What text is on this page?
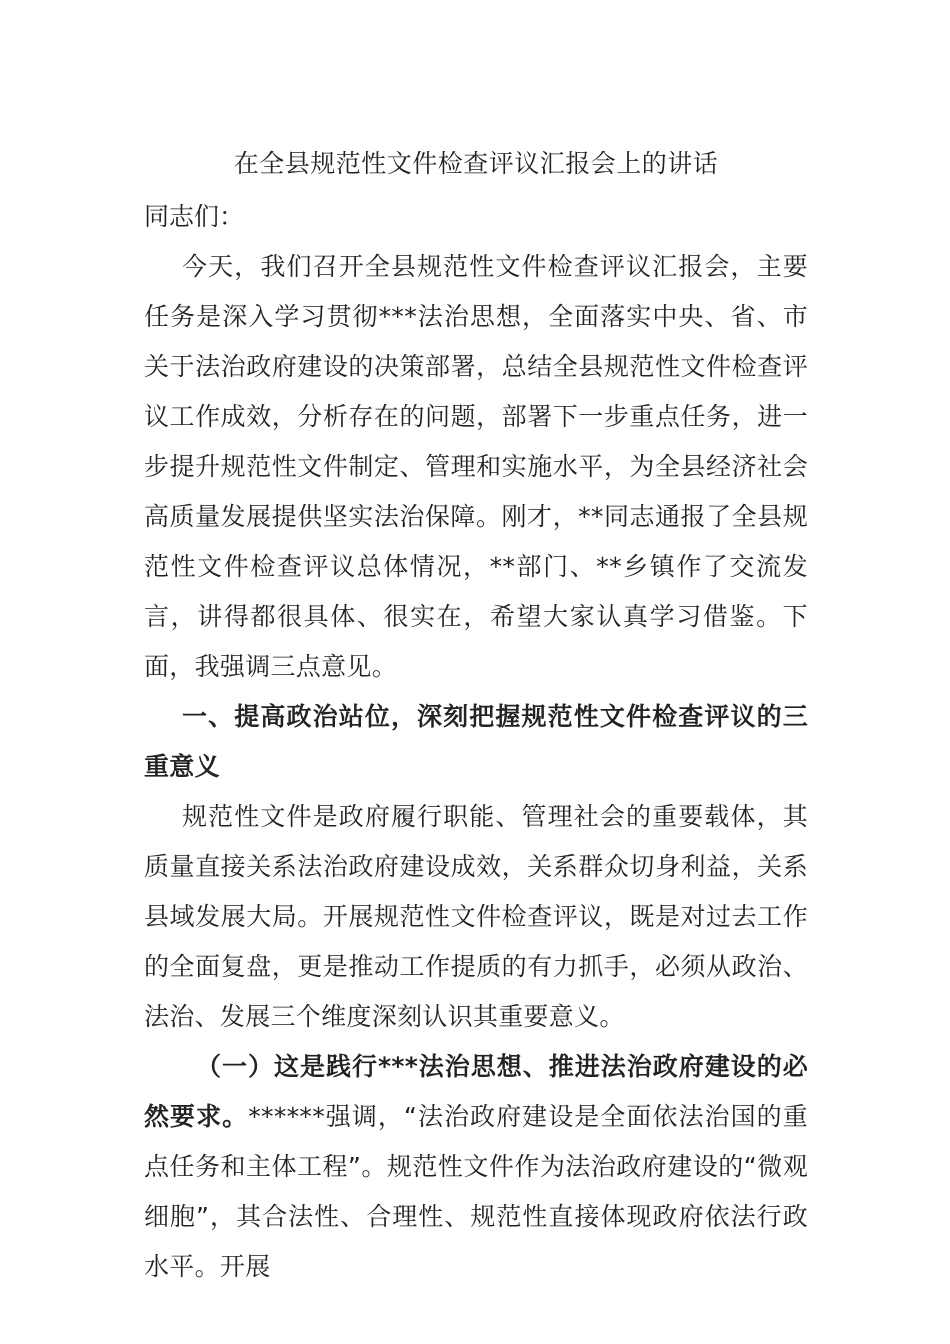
在全县规范性文件检查评议汇报会上的讲话

同志们：

今天，我们召开全县规范性文件检查评议汇报会，主要任务是深入学习贯彻***法治思想，全面落实中央、省、市关于法治政府建设的决策部署，总结全县规范性文件检查评议工作成效，分析存在的问题，部署下一步重点任务，进一步提升规范性文件制定、管理和实施水平，为全县经济社会高质量发展提供坚实法治保障。刚才，**同志通报了全县规范性文件检查评议总体情况，**部门、**乡镇作了交流发言，讲得都很具体、很实在，希望大家认真学习借鉴。下面，我强调三点意见。

一、提高政治站位，深刻把握规范性文件检查评议的三重意义

规范性文件是政府履行职能、管理社会的重要载体，其质量直接关系法治政府建设成效，关系群众切身利益，关系县域发展大局。开展规范性文件检查评议，既是对过去工作的全面复盘，更是推动工作提质的有力抓手，必须从政治、法治、发展三个维度深刻认识其重要意义。

（一）这是践行***法治思想、推进法治政府建设的必然要求。******强调，“法治政府建设是全面依法治国的重点任务和主体工程”。规范性文件作为法治政府建设的“微观细胞”，其合法性、合理性、规范性直接体现政府依法行政水平。开展
